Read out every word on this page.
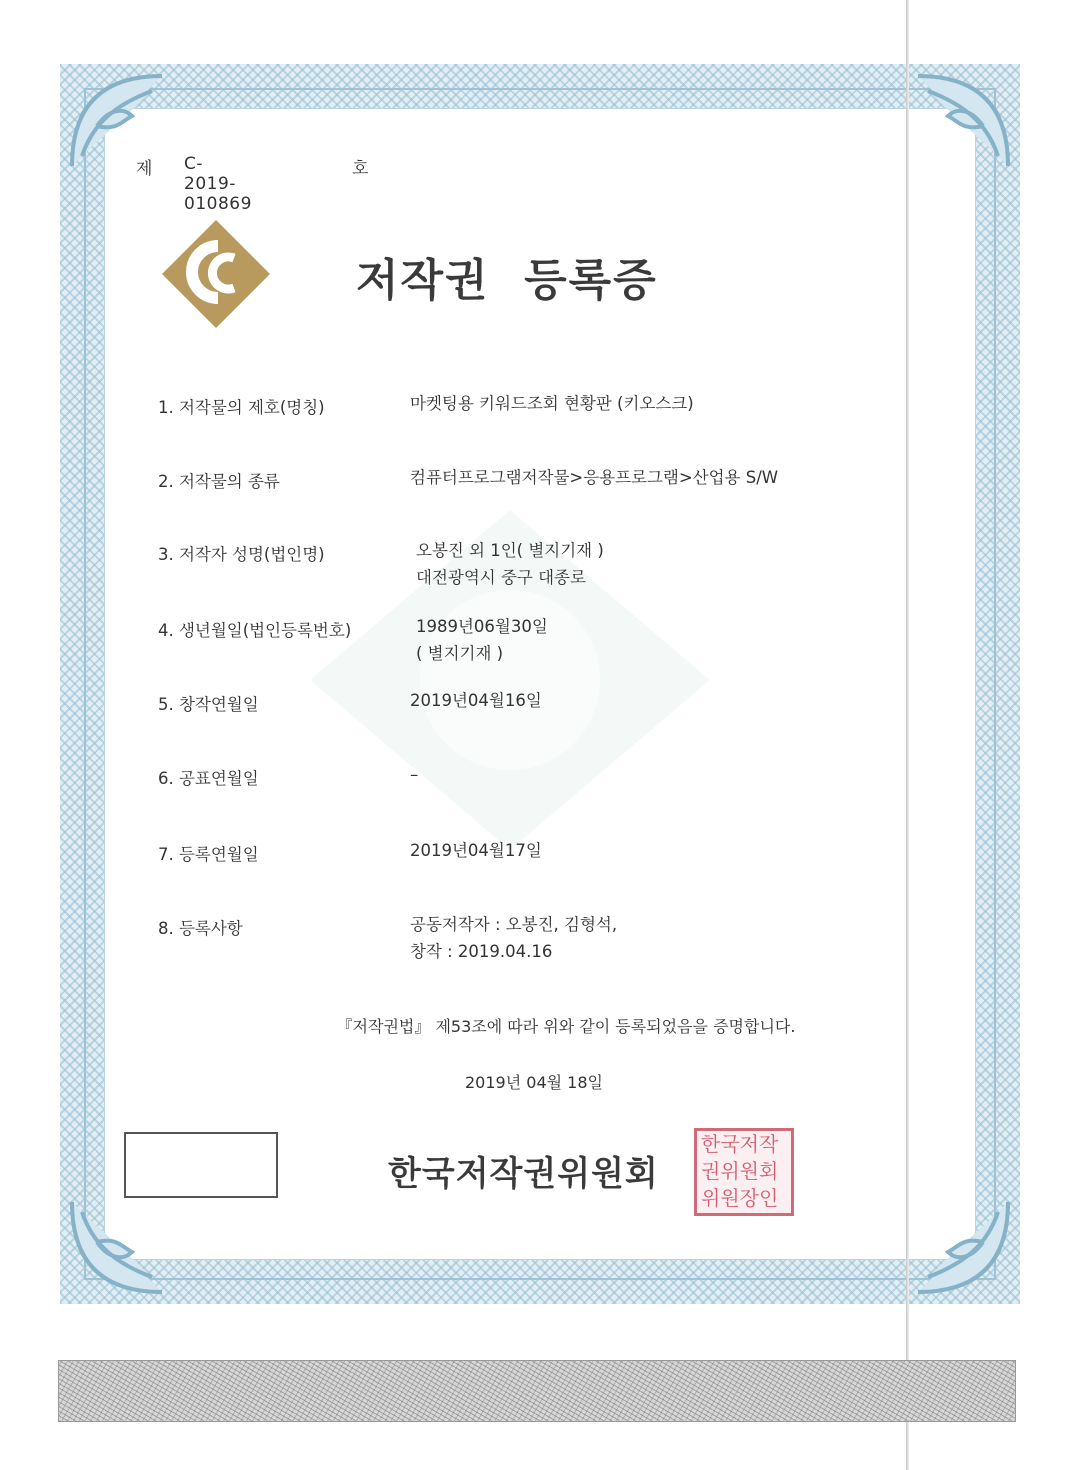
제 C-2019-010869
호
저작권  등록증
1. 저작물의 제호(명칭)	마켓팅용 키워드조회 현황판 (키오스크)
2. 저작물의 종류	컴퓨터프로그램저작물>응용프로그램>산업용 S/W
3. 저작자 성명(법인명)	오봉진 외 1인( 별지기재 )
대전광역시 중구 대종로
4. 생년월일(법인등록번호)	1989년06월30일
( 별지기재 )
5. 창작연월일	2019년04월16일
6. 공표연월일	–
7. 등록연월일	2019년04월17일
8. 등록사항	공동저작자 : 오봉진, 김형석,
창작 : 2019.04.16
『저작권법』 제53조에 따라 위와 같이 등록되었음을 증명합니다.
2019년 04월 18일
한국저작권위원회
한국저작
권위원회
위원장인
